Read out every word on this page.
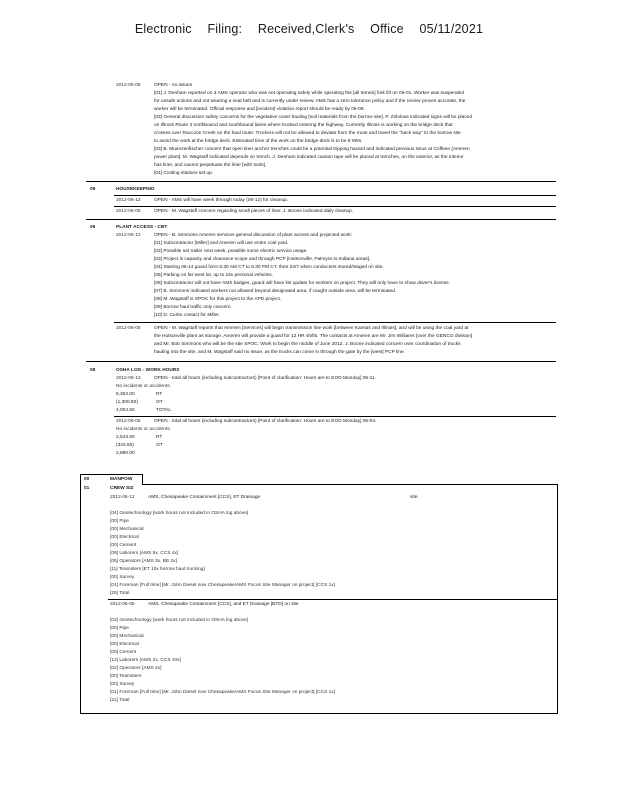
Electronic Filing: Received,Clerk's Office 05/11/2021
2012-05-05	OPEN - no issues
[01] J. Denham reported on 3 AMS operator who was not operating safely while operating the [all terrain] fork lift on 06-01. Worker was suspended
for unsafe actions and not wearing a seat belt and is currently under review. AMS has a zero tolerance policy and if the review proves accurate, the
worker will be terminated. Official response and [incident] violation report should be ready by 06-08.
[02] General discussion safety concerns for the vegetative cover hauling [soil materials from the borrow site]. P. Zirlolous indicated signs will be placed
on Illinois Route 3 northbound and southbound lanes where trucked entering the highway. Currently Illinois is working on the bridge deck that
crosses over Raccoon Creek on the haul route. Truckers will not be allowed to deviate from the route and travel the "back way" to the borrow site
to avoid the work at the bridge deck. Estimated time of the work on the bridge deck is to be 8 Wks.
[03] B. Muenzenfischer concern that open liner anchor trenches could be a potential tripping hazard and indicated previous issue at Coffeen [Ameren
power plant]. M. Wagstaff indicated depends on trench. J. Denham indicated caution tape will be placed at trenches, on the exterior, as the interior
has liner, and cannot perpetuate the liner [with tools].
[04] Cooling stations set up.
05	HOUSEKEEPING
2012-06-12	OPEN - AMS will have week through today (06-12) for cleanup.
2012-06-05	OPEN - M. Wagstaff concern regarding small pieces of liner. J. Boone indicated daily cleanup.
06	PLANT ACCESS - CBT
2012-06-12	OPEN - B. Simmons Ameren services general discussion of plant access and projected work:
[01] Subcontractor [Miller] and Ameren will use entire coal yard.
[02] Possible set trailer next week, possible some electric service usage.
[03] Project is capacity and clearance scope and through PCP [Hutsonville, Palmyra to Indiana areas].
[04] Starting 06-14 guard form 6:30 AM CT to 6:30 PM CT, then 24/7 when conductors stored/staged on site.
[05] Parking on far west lot, up to 15x personal vehicles.
[06] Subcontractor will not have AMS badges, guard will have list update for workers on project. They will only have to show driver's license.
[07] B. Simmons indicated workers not allowed beyond designated area, if caught outside area, will be terminated.
[08] M. Wagstaff is SPOC for this project to the APD project.
[09] Borrow haul traffic only concern.
[10] D. Curtin contact for Miller.
2012-06-05	OPEN - M. Wagstaff reports that Ameren [Services] will begin transmission line work [between Kansas and Illinois], and will be using the coal yard at
the Hutsonville plant as storage. Ameren will provide a guard for 12 HR shifts. The contacts at Ameren are Mr. Jim Williams [over the GENCO division]
and Mr. Bob Simmons who will be the site SPOC. Work to begin the middle of June 2012. J. Boone indicated concern over coordination of trucks
hauling into the site, and M. Wagstaff said no issue, as the trucks can come in through the gate by the [west] PCP line.
08	OSHA LOG - WORK HOURS
2012-06-12	OPEN - total all hours (including subcontractors) [Point of clarification: Hours are to EOD Monday] 06-11.
No incidents or accidents.
5,304.00	RT
(1,300.50)	OT
4,004.50	TOTAL
2012-06-05	OPEN - total all hours (including subcontractors) [Point of clarification: Hours are to EOD Monday] 06-04.
No incidents or accidents.
2,543.50	RT
(343.50)	OT
2,880.00
00	MANPOW
01	CREW SIZ
2012-06-12	AMS, Chesapeake Containment [CCS], ET Drainage	site.
[04] Geotechnology [work hours not included in OSHA log above]
[00] Pipe
[00] Mechanical
[00] Electrical
[00] Cement
[09] Laborers [AMS 5x, CCS 4x]
[05] Operators [AMS 3x, BE 2x]
[11] Teamsters [ET 10x borrow haul trucking]
[00] Survey
[01] Foreman [Full time] [Mr. John Diesel now Chesapeake/AMS Focus Site Manager on project] [CCS 1x]
[25] Total
2012-06-05	AMS, Chesapeake Containment [CCS], and ET Drainage [BTD] on site
[03] Geotechnology [work hours not included in OSHA log above]
[00] Pipe
[00] Mechanical
[00] Electrical
[00] Cement
[12] Laborers [AMS 2x, CCS 10x]
[02] Operators [AMS 2x]
[00] Teamsters
[00] Survey
[01] Foreman [Full time] [Mr. John Diesel now Chesapeake/AMS Focus Site Manager on project] [CCS 1x]
[21] Total
